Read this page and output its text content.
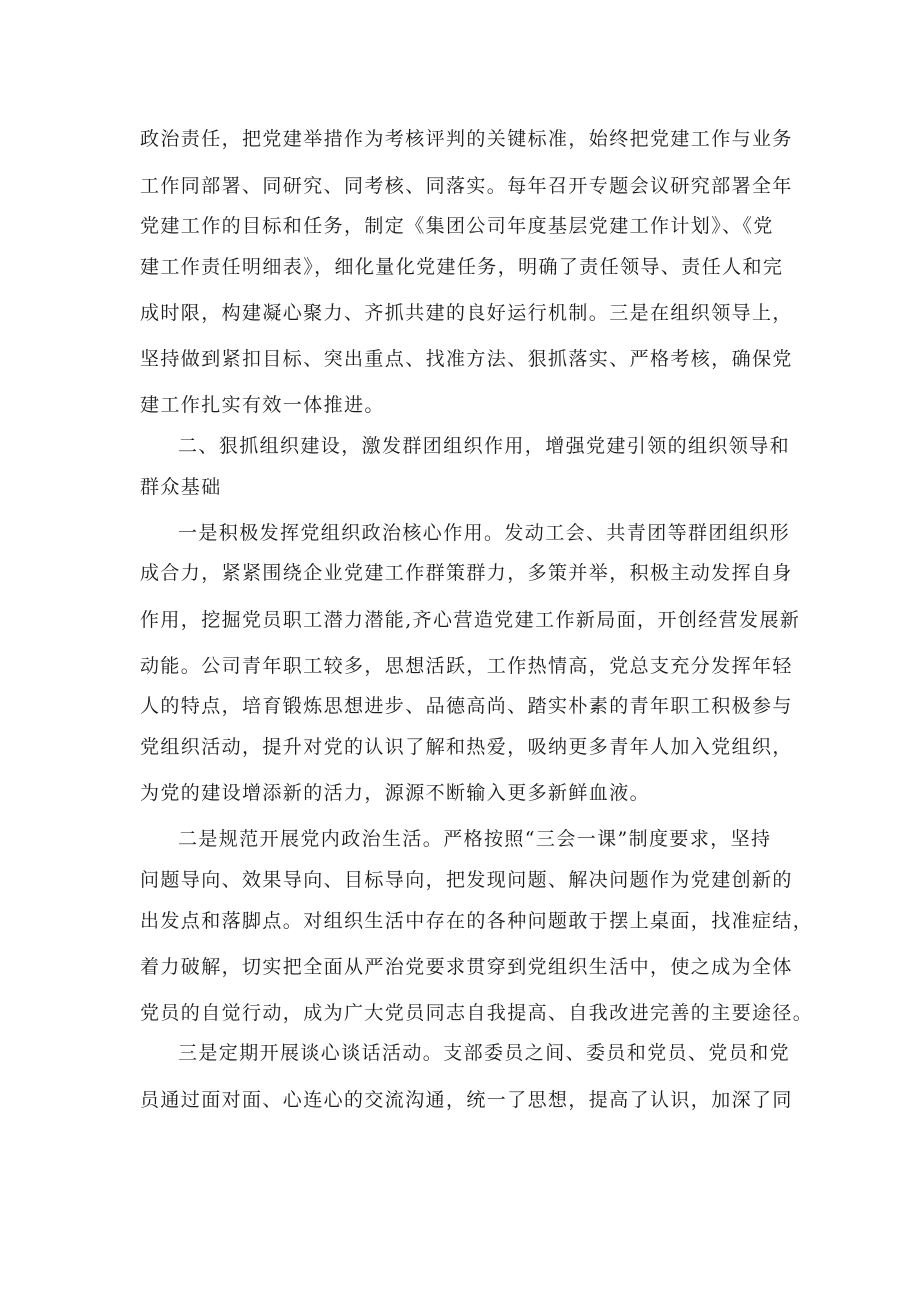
政治责任，把党建举措作为考核评判的关键标准，始终把党建工作与业务

工作同部署、同研究、同考核、同落实。每年召开专题会议研究部署全年

党建工作的目标和任务，制定《集团公司年度基层党建工作计划》、《党

建工作责任明细表》，细化量化党建任务，明确了责任领导、责任人和完

成时限，构建凝心聚力、齐抓共建的良好运行机制。三是在组织领导上，

坚持做到紧扣目标、突出重点、找准方法、狠抓落实、严格考核，确保党

建工作扎实有效一体推进。

二、狠抓组织建设，激发群团组织作用，增强党建引领的组织领导和

群众基础

一是积极发挥党组织政治核心作用。发动工会、共青团等群团组织形

成合力，紧紧围绕企业党建工作群策群力，多策并举，积极主动发挥自身

作用，挖掘党员职工潜力潜能,齐心营造党建工作新局面，开创经营发展新

动能。公司青年职工较多，思想活跃，工作热情高，党总支充分发挥年轻

人的特点，培育锻炼思想进步、品德高尚、踏实朴素的青年职工积极参与

党组织活动，提升对党的认识了解和热爱，吸纳更多青年人加入党组织，

为党的建设增添新的活力，源源不断输入更多新鲜血液。

二是规范开展党内政治生活。严格按照“三会一课”制度要求，坚持

问题导向、效果导向、目标导向，把发现问题、解决问题作为党建创新的

出发点和落脚点。对组织生活中存在的各种问题敢于摆上桌面，找准症结，

着力破解，切实把全面从严治党要求贯穿到党组织生活中，使之成为全体

党员的自觉行动，成为广大党员同志自我提高、自我改进完善的主要途径。

三是定期开展谈心谈话活动。支部委员之间、委员和党员、党员和党

员通过面对面、心连心的交流沟通，统一了思想，提高了认识，加深了同
